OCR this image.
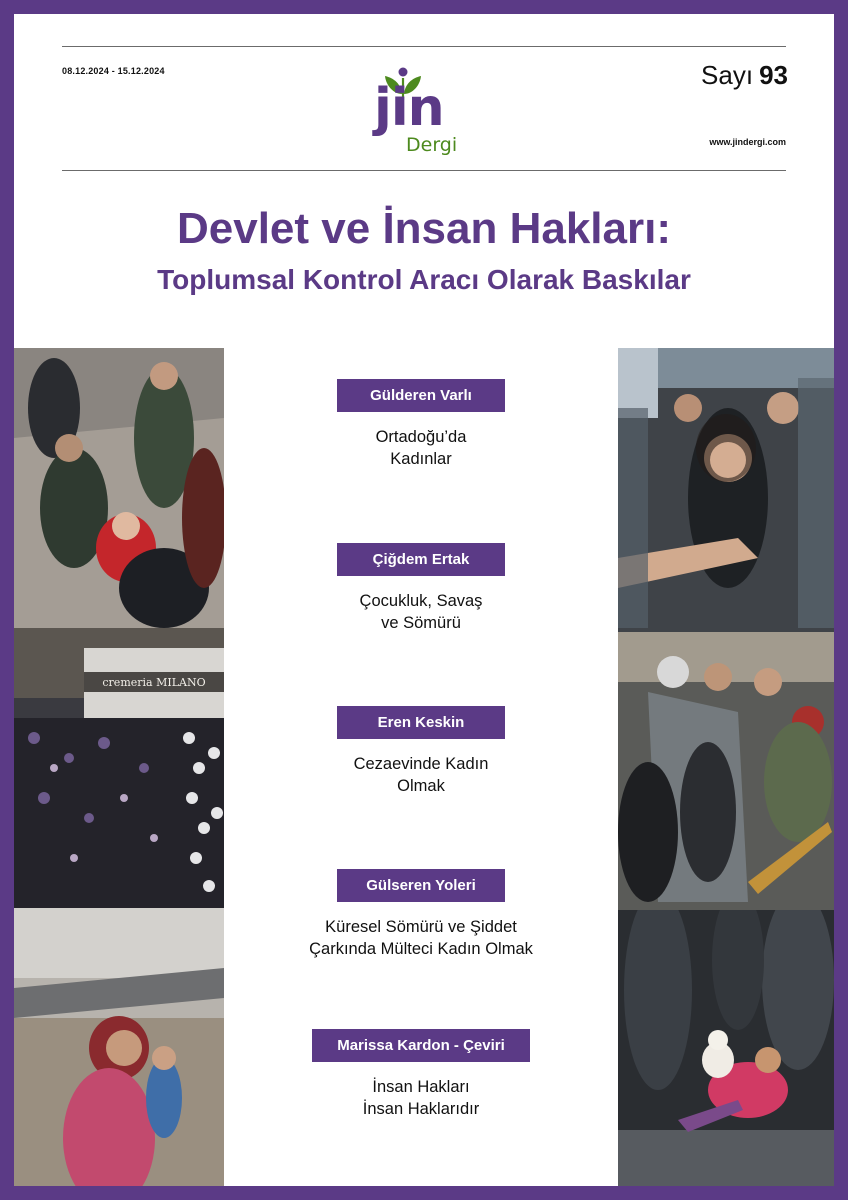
08.12.2024 - 15.12.2024	Sayı 93
www.jindergi.com
jin
Dergi
Devlet ve İnsan Hakları:
Toplumsal Kontrol Aracı Olarak Baskılar
cremeria MILANO
Gülderen Varlı
Ortadoğu’da
Kadınlar
Çiğdem Ertak
Çocukluk, Savaş
ve Sömürü
Eren Keskin
Cezaevinde Kadın
Olmak
Gülseren Yoleri
Küresel Sömürü ve Şiddet
Çarkında Mülteci Kadın Olmak
Marissa Kardon - Çeviri
İnsan Hakları
İnsan Haklarıdır
